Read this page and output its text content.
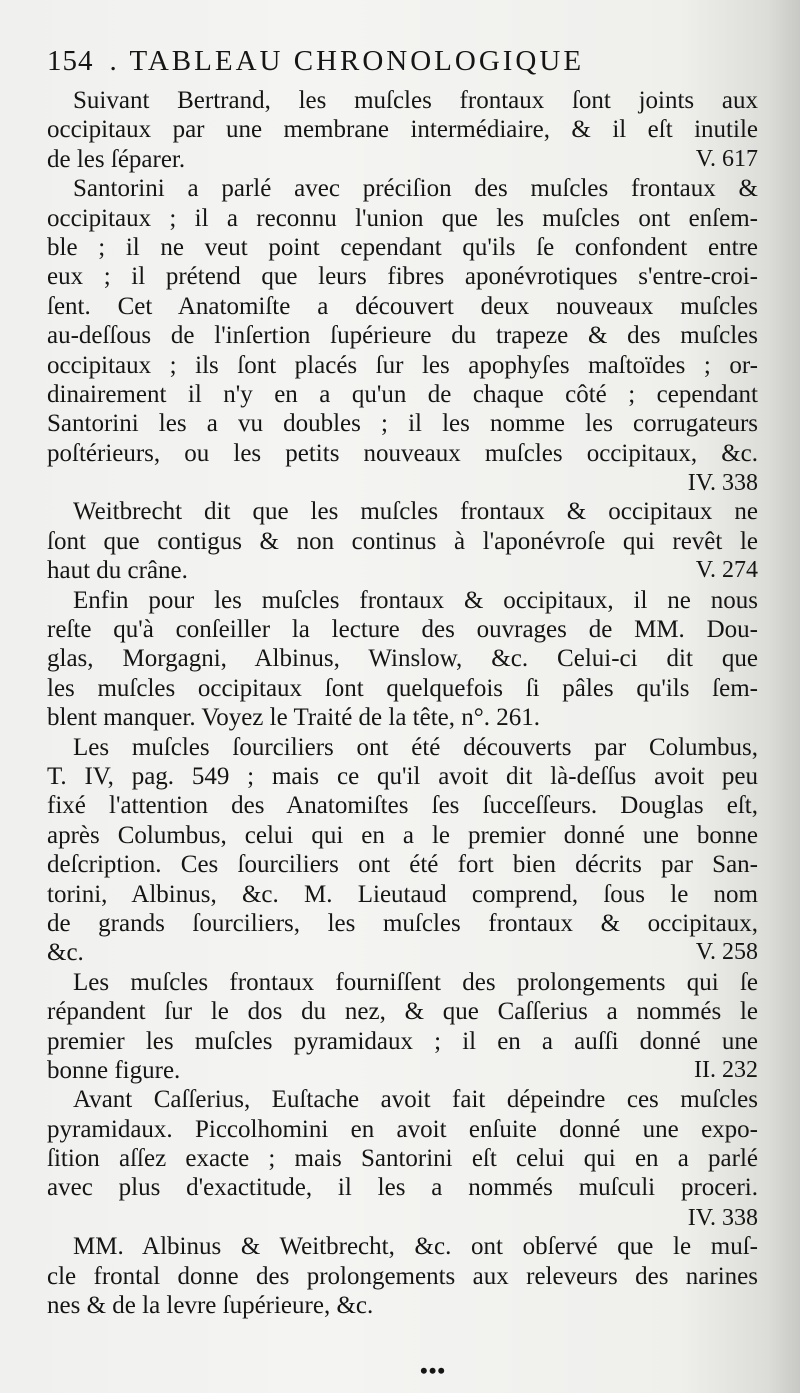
154 . TABLEAU CHRONOLOGIQUE
Suivant Bertrand, les muſcles frontaux ſont joints aux
occipitaux par une membrane intermédiaire, & il eſt inutile
de les ſéparer.	V. 617
Santorini a parlé avec préciſion des muſcles frontaux &
occipitaux ; il a reconnu l'union que les muſcles ont enſem-
ble ; il ne veut point cependant qu'ils ſe confondent entre
eux ; il prétend que leurs fibres aponévrotiques s'entre-croi-
ſent. Cet Anatomiſte a découvert deux nouveaux muſcles
au-deſſous de l'inſertion ſupérieure du trapeze & des muſcles
occipitaux ; ils ſont placés ſur les apophyſes maſtoïdes ; or-
dinairement il n'y en a qu'un de chaque côté ; cependant
Santorini les a vu doubles ; il les nomme les corrugateurs
poſtérieurs, ou les petits nouveaux muſcles occipitaux, &c.
IV. 338
Weitbrecht dit que les muſcles frontaux & occipitaux ne
ſont que contigus & non continus à l'aponévroſe qui revêt le
haut du crâne.	V. 274
Enfin pour les muſcles frontaux & occipitaux, il ne nous
reſte qu'à conſeiller la lecture des ouvrages de MM. Dou-
glas, Morgagni, Albinus, Winslow, &c. Celui-ci dit que
les muſcles occipitaux ſont quelquefois ſi pâles qu'ils ſem-
blent manquer. Voyez le Traité de la tête, n°. 261.
Les muſcles ſourciliers ont été découverts par Columbus,
T. IV, pag. 549 ; mais ce qu'il avoit dit là-deſſus avoit peu
fixé l'attention des Anatomiſtes ſes ſucceſſeurs. Douglas eſt,
après Columbus, celui qui en a le premier donné une bonne
deſcription. Ces ſourciliers ont été fort bien décrits par San-
torini, Albinus, &c. M. Lieutaud comprend, ſous le nom
de grands ſourciliers, les muſcles frontaux & occipitaux,
&c.	V. 258
Les muſcles frontaux fourniſſent des prolongements qui ſe
répandent ſur le dos du nez, & que Caſſerius a nommés le
premier les muſcles pyramidaux ; il en a auſſi donné une
bonne figure.	II. 232
Avant Caſſerius, Euſtache avoit fait dépeindre ces muſcles
pyramidaux. Piccolhomini en avoit enſuite donné une expo-
ſition aſſez exacte ; mais Santorini eſt celui qui en a parlé
avec plus d'exactitude, il les a nommés muſculi proceri.
IV. 338
MM. Albinus & Weitbrecht, &c. ont obſervé que le muſ-
cle frontal donne des prolongements aux releveurs des narines
nes & de la levre ſupérieure, &c.
•••
